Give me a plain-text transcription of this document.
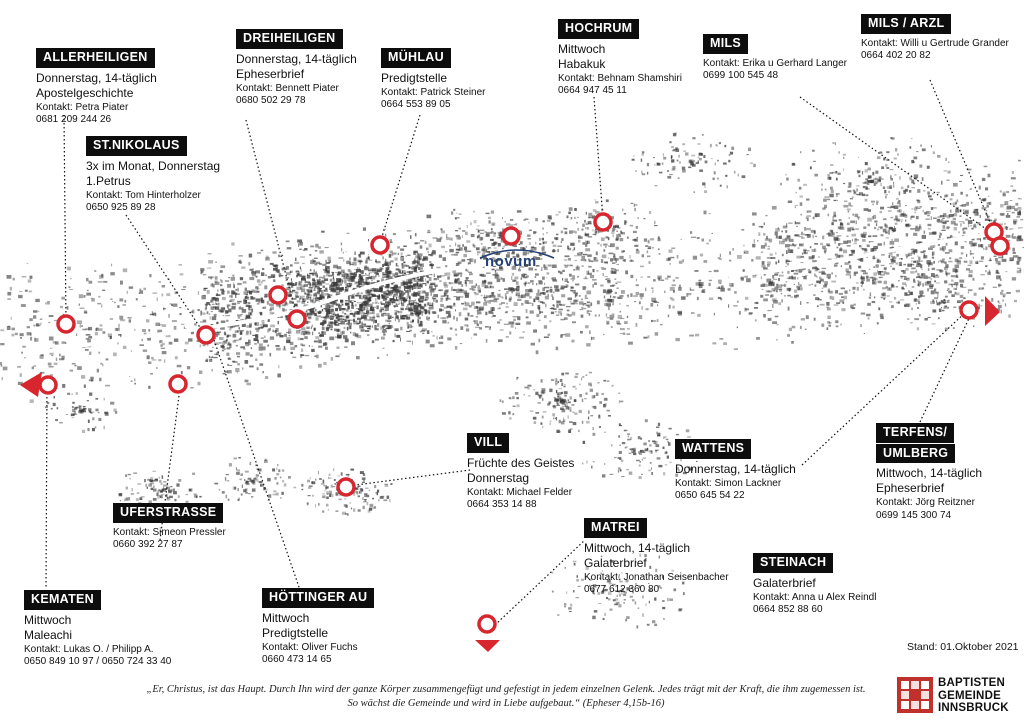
novum
ALLERHEILIGEN
Donnerstag, 14-täglich
Apostelgeschichte
Kontakt: Petra Piater
0681 209 244 26
ST.NIKOLAUS
3x im Monat, Donnerstag
1.Petrus
Kontakt: Tom Hinterholzer
0650 925 89 28
DREIHEILIGEN
Donnerstag, 14-täglich
Epheserbrief
Kontakt: Bennett Piater
0680 502 29 78
MÜHLAU
Predigtstelle
Kontakt: Patrick Steiner
0664 553 89 05
HOCHRUM
Mittwoch
Habakuk
Kontakt: Behnam Shamshiri
0664 947 45 11
MILS
Kontakt: Erika u Gerhard Langer
0699 100 545 48
MILS / ARZL
Kontakt: Willi u Gertrude Grander
0664 402 20 82
VILL
Früchte des Geistes
Donnerstag
Kontakt: Michael Felder
0664 353 14 88
WATTENS
Donnerstag, 14-täglich
Kontakt: Simon Lackner
0650 645 54 22
TERFENS/
UMLBERG
Mittwoch, 14-täglich
Epheserbrief
Kontakt: Jörg Reitzner
0699 145 300 74
UFERSTRASSE
Kontakt: Simeon Pressler
0660 392 27 87
KEMATEN
Mittwoch
Maleachi
Kontakt: Lukas O. / Philipp A.
0650 849 10 97 / 0650 724 33 40
HÖTTINGER AU
Mittwoch
Predigtstelle
Kontakt: Oliver Fuchs
0660 473 14 65
MATREI
Mittwoch, 14-täglich
Galaterbrief
Kontakt: Jonathan Seisenbacher
0677 612 360 80
STEINACH
Galaterbrief
Kontakt: Anna u Alex Reindl
0664 852 88 60
Stand: 01.Oktober 2021
„Er, Christus, ist das Haupt. Durch Ihn wird der ganze Körper zusammengefügt und gefestigt in jedem einzelnen Gelenk. Jedes trägt mit der Kraft, die ihm zugemessen ist.
So wächst die Gemeinde und wird in Liebe aufgebaut.“ (Epheser 4,15b-16)
BAPTISTEN
GEMEINDE
INNSBRUCK
